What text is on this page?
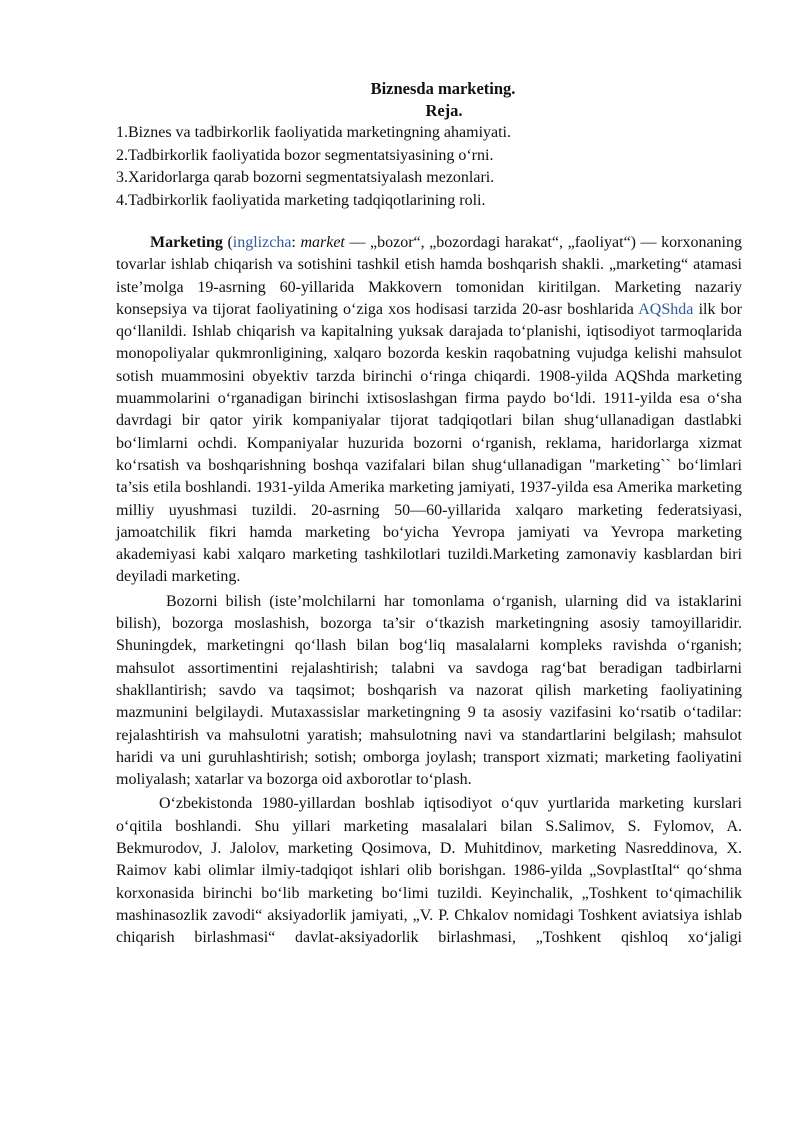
Biznesda marketing.
Reja.
1.Biznes va tadbirkorlik faoliyatida marketingning ahamiyati.
2.Tadbirkorlik faoliyatida bozor segmentatsiyasining o‘rni.
3.Xaridorlarga qarab bozorni segmentatsiyalash mezonlari.
4.Tadbirkorlik faoliyatida marketing tadqiqotlarining roli.

Marketing (inglizcha: market — „bozor“, „bozordagi harakat“, „faoliyat“) — korxonaning tovarlar ishlab chiqarish va sotishini tashkil etish hamda boshqarish shakli. „marketing“ atamasi iste’molga 19-asrning 60-yillarida Makkovern tomonidan kiritilgan. Marketing nazariy konsepsiya va tijorat faoliyatining o‘ziga xos hodisasi tarzida 20-asr boshlarida AQShda ilk bor qo‘llanildi. Ishlab chiqarish va kapitalning yuksak darajada to‘planishi, iqtisodiyot tarmoqlarida monopoliyalar qukmronligining, xalqaro bozorda keskin raqobatning vujudga kelishi mahsulot sotish muammosini obyektiv tarzda birinchi o‘ringa chiqardi. 1908-yilda AQShda marketing muammolarini o‘rganadigan birinchi ixtisoslashgan firma paydo bo‘ldi. 1911-yilda esa o‘sha davrdagi bir qator yirik kompaniyalar tijorat tadqiqotlari bilan shug‘ullanadigan dastlabki bo‘limlarni ochdi. Kompaniyalar huzurida bozorni o‘rganish, reklama, haridorlarga xizmat ko‘rsatish va boshqarishning boshqa vazifalari bilan shug‘ullanadigan "marketing`` bo‘limlari ta’sis etila boshlandi. 1931-yilda Amerika marketing jamiyati, 1937-yilda esa Amerika marketing milliy uyushmasi tuzildi. 20-asrning 50—60-yillarida xalqaro marketing federatsiyasi, jamoatchilik fikri hamda marketing bo‘yicha Yevropa jamiyati va Yevropa marketing akademiyasi kabi xalqaro marketing tashkilotlari tuzildi.Marketing zamonaviy kasblardan biri deyiladi marketing.

Bozorni bilish (iste’molchilarni har tomonlama o‘rganish, ularning did va istaklarini bilish), bozorga moslashish, bozorga ta’sir o‘tkazish marketingning asosiy tamoyillaridir. Shuningdek, marketingni qo‘llash bilan bog‘liq masalalarni kompleks ravishda o‘rganish; mahsulot assortimentini rejalashtirish; talabni va savdoga rag‘bat beradigan tadbirlarni shakllantirish; savdo va taqsimot; boshqarish va nazorat qilish marketing faoliyatining mazmunini belgilaydi. Mutaxassislar marketingning 9 ta asosiy vazifasini ko‘rsatib o‘tadilar: rejalashtirish va mahsulotni yaratish; mahsulotning navi va standartlarini belgilash; mahsulot haridi va uni guruhlashtirish; sotish; omborga joylash; transport xizmati; marketing faoliyatini moliyalash; xatarlar va bozorga oid axborotlar to‘plash.

O‘zbekistonda 1980-yillardan boshlab iqtisodiyot o‘quv yurtlarida marketing kurslari o‘qitila boshlandi. Shu yillari marketing masalalari bilan S.Salimov, S. Fylomov, A. Bekmurodov, J. Jalolov, marketing Qosimova, D. Muhitdinov, marketing Nasreddinova, X. Raimov kabi olimlar ilmiy-tadqiqot ishlari olib borishgan. 1986-yilda „SovplastItal“ qo‘shma korxonasida birinchi bo‘lib marketing bo‘limi tuzildi. Keyinchalik, „Toshkent to‘qimachilik mashinasozlik zavodi“ aksiyadorlik jamiyati, „V. P. Chkalov nomidagi Toshkent aviatsiya ishlab chiqarish birlashmasi“ davlat-aksiyadorlik birlashmasi, „Toshkent qishloq xo‘jaligi
